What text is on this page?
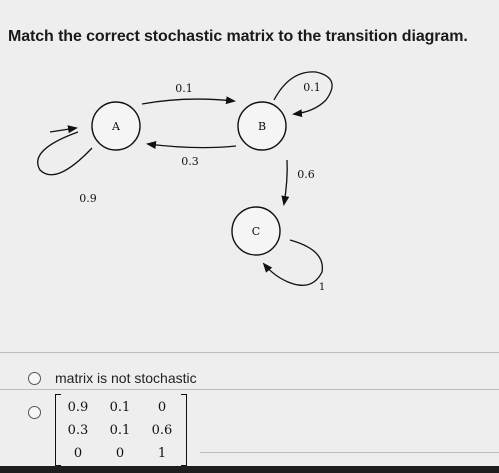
Match the correct stochastic matrix to the transition diagram.
A	B
C
0.1
0.3
0.9
0.1
0.6
1
matrix is not stochastic
0.9	0.1	0
0.3	0.1	0.6
0	0	1
